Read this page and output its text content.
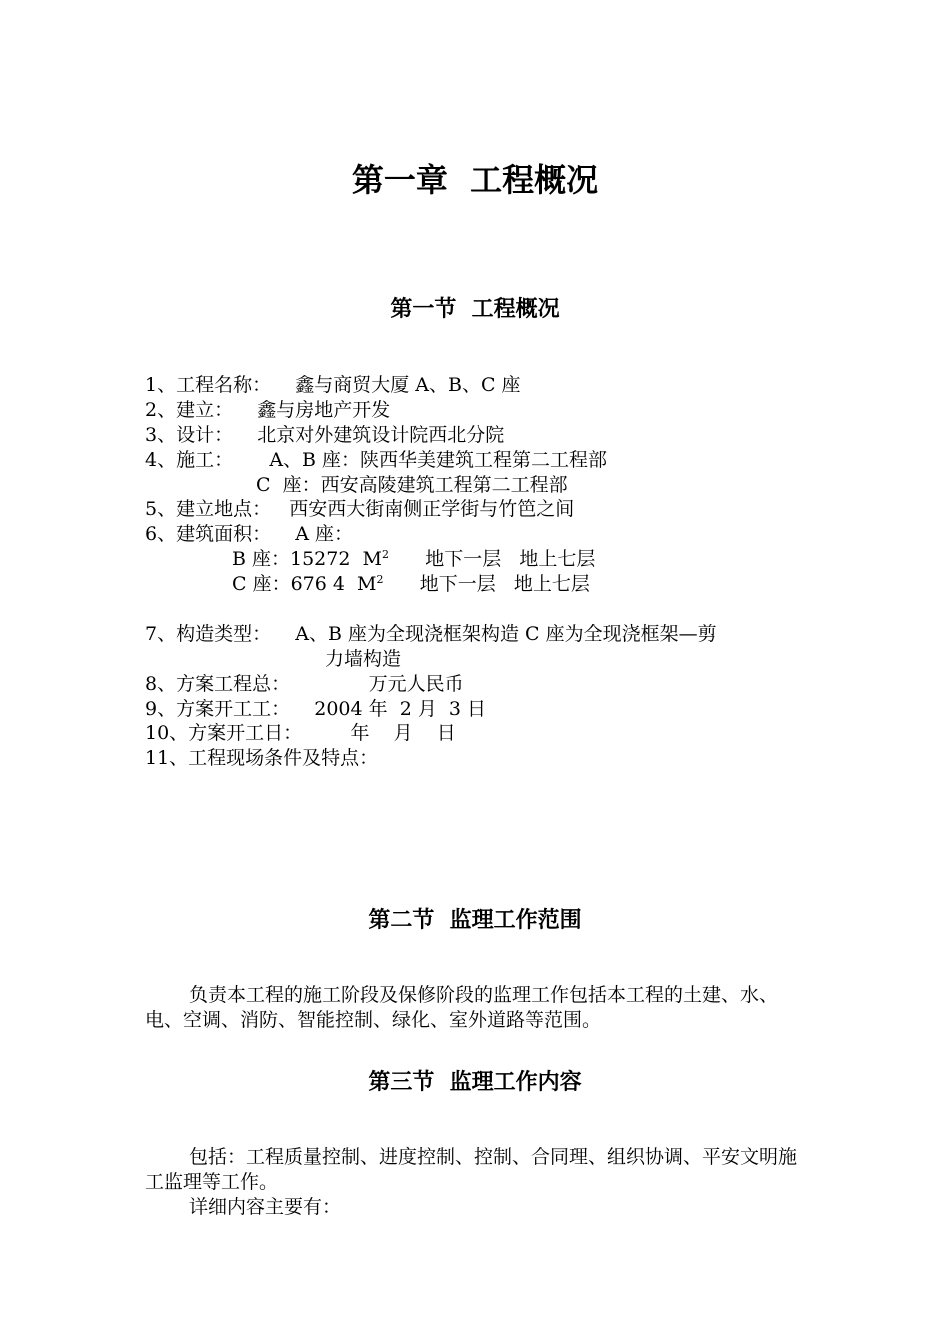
第一章  工程概况
第一节  工程概况
1、工程名称：    鑫与商贸大厦 A、B、C 座
2、建立：    鑫与房地产开发
3、设计：    北京对外建筑设计院西北分院
4、施工：      A、B 座：陕西华美建筑工程第二工程部
C  座：西安高陵建筑工程第二工程部
5、建立地点：   西安西大街南侧正学街与竹笆之间
6、建筑面积：    A 座：
B 座：15272  $M^2$      地下一层   地上七层
C 座：676 4  $M^2$      地下一层   地上七层
7、构造类型：    A、B 座为全现浇框架构造 C 座为全现浇框架—剪
力墙构造
8、方案工程总：             万元人民币
9、方案开工工：    2004 年  2 月  3 日
10、方案开工日：        年    月    日
11、工程现场条件及特点：
第二节  监理工作范围
负责本工程的施工阶段及保修阶段的监理工作包括本工程的土建、水、电、空调、消防、智能控制、绿化、室外道路等范围。
第三节  监理工作内容
包括：工程质量控制、进度控制、控制、合同理、组织协调、平安文明施工监理等工作。
详细内容主要有：
